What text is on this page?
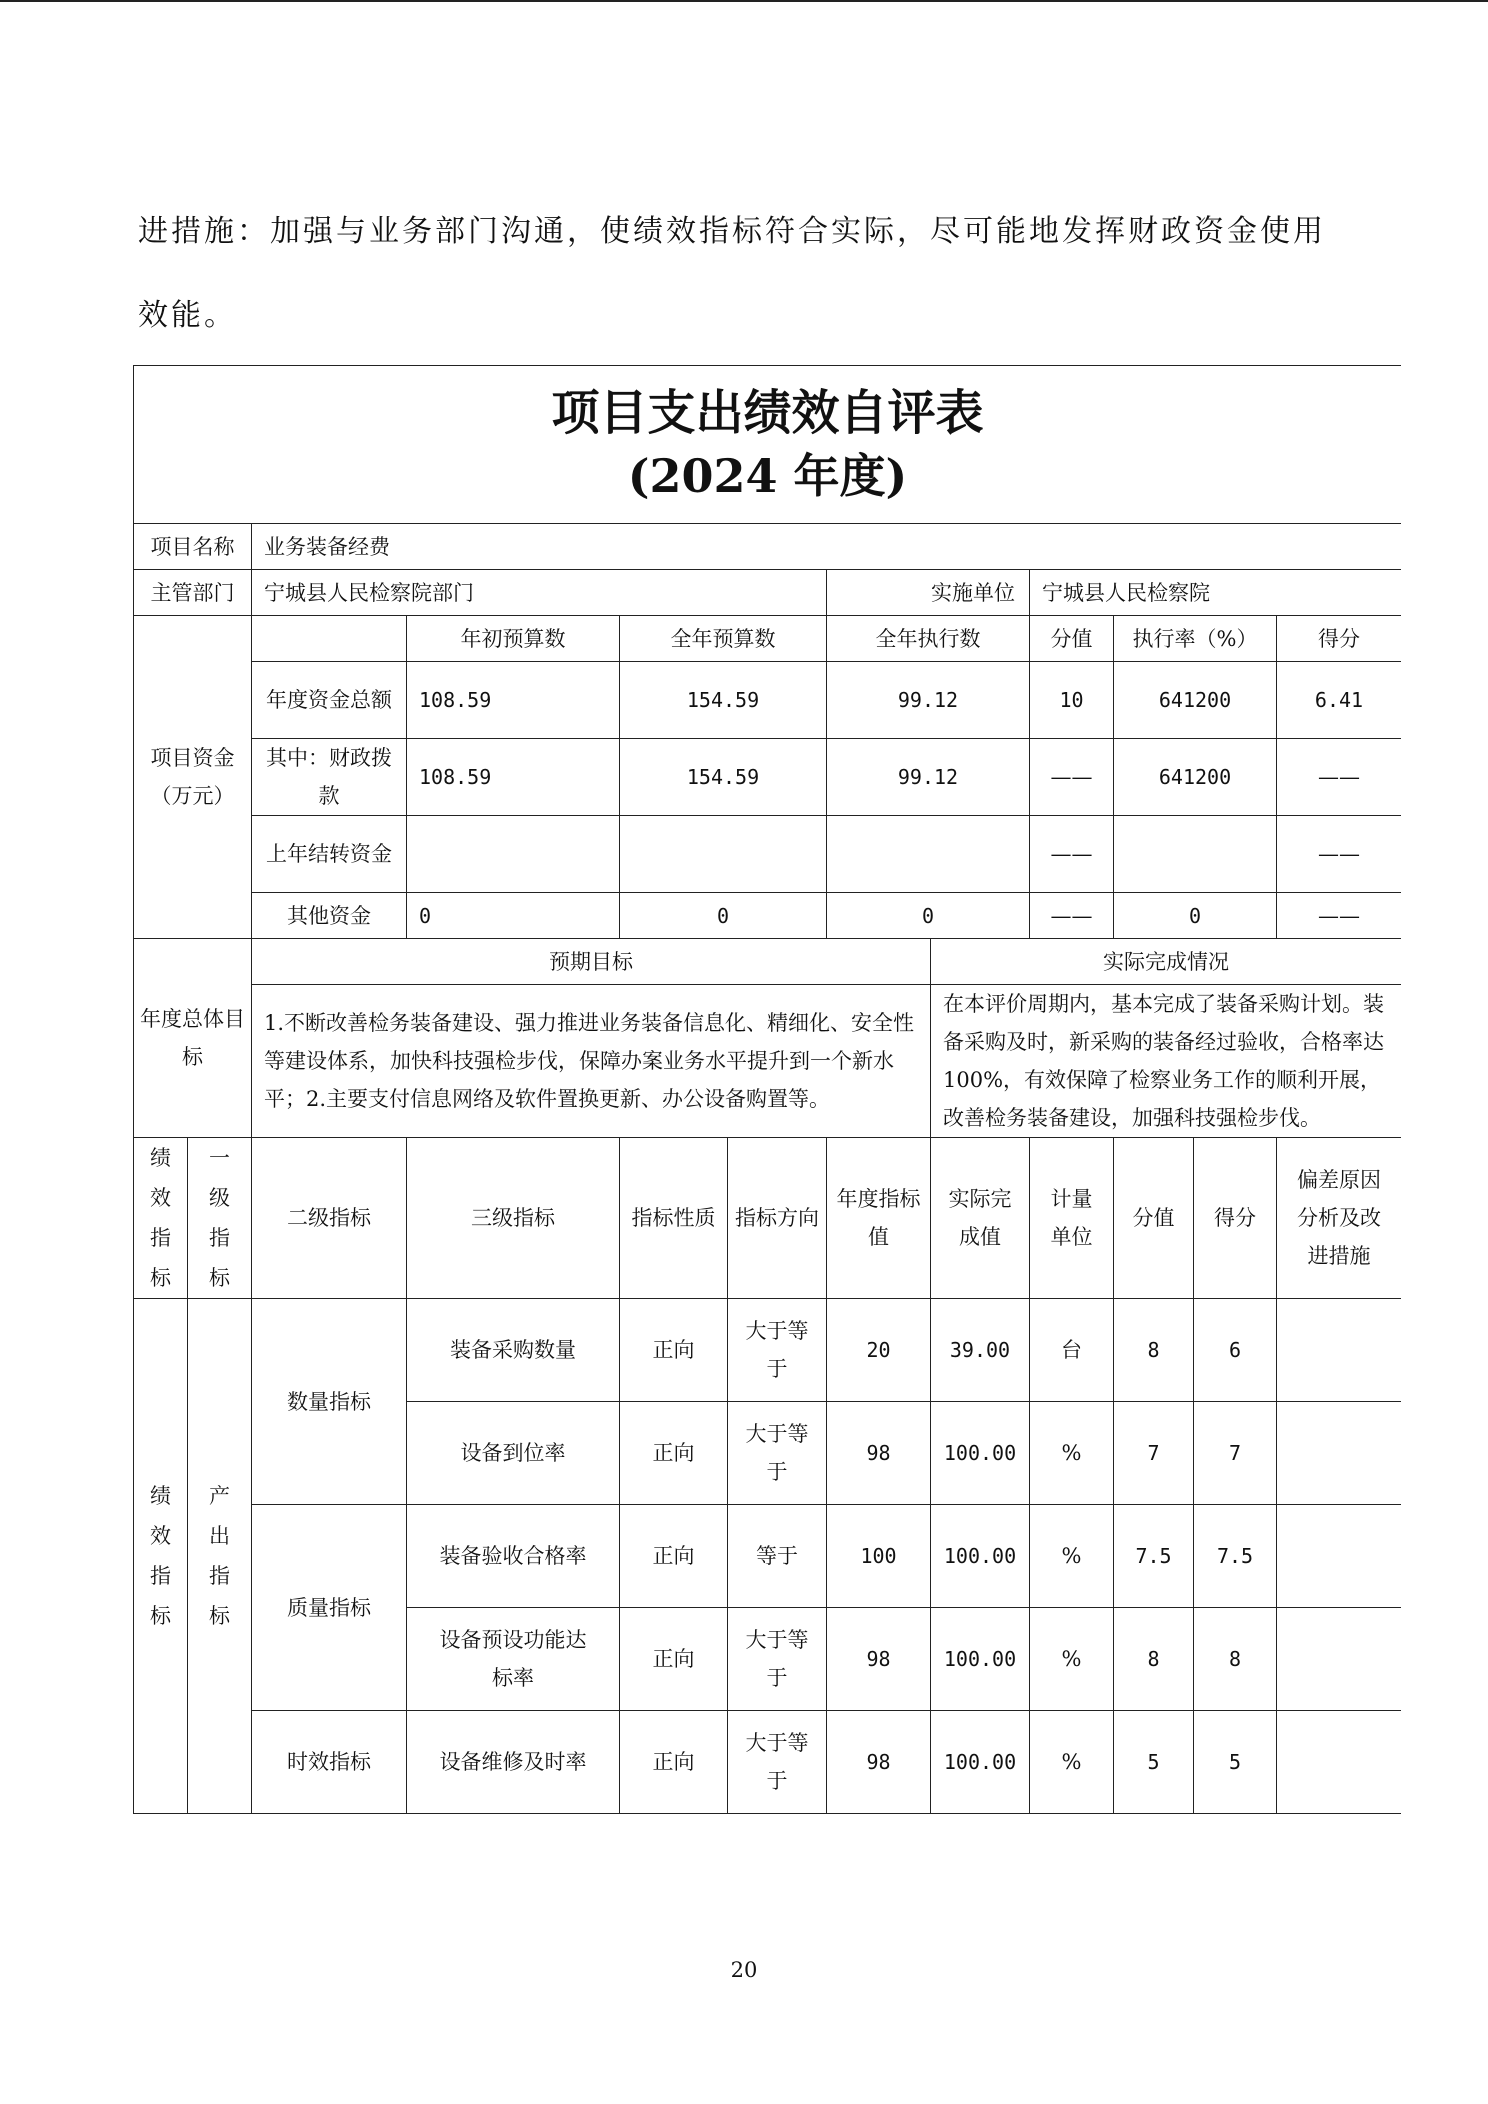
进措施：加强与业务部门沟通，使绩效指标符合实际，尽可能地发挥财政资金使用

效能。

项目支出绩效自评表
(2024 年度)											

项目名称		业务装备经费									
主管部门		宁城县人民检察院部门				实施单位		宁城县人民检察院			
项目资金（万元）			年初预算数	全年预算数		全年执行数		分值	执行率（%）		得分
		年度资金总额	108.59	154.59		99.12		10	641200		6.41
		其中：财政拨款	108.59	154.59		99.12		——	641200		——
		上年结转资金						——			——
		其他资金	0	0		0		——	0		——
年度总体目标		预期目标					实际完成情况				
		1.不断改善检务装备建设、强力推进业务装备信息化、精细化、安全性等建设体系，加快科技强检步伐，保障办案业务水平提升到一个新水平；2.主要支付信息网络及软件置换更新、办公设备购置等。					在本评价周期内，基本完成了装备采购计划。装备采购及时，新采购的装备经过验收，合格率达 100%，有效保障了检察业务工作的顺利开展，改善检务装备建设，加强科技强检步伐。				
绩效指标	一级指标	二级指标	三级指标	指标性质	指标方向	年度指标值	实际完成值	计量单位	分值	得分	偏差原因分析及改进措施
绩效指标	产出指标	数量指标	装备采购数量	正向	大于等于	20	39.00	台	8	6	
			设备到位率	正向	大于等于	98	100.00	%	7	7	
		质量指标	装备验收合格率	正向	等于	100	100.00	%	7.5	7.5	
			设备预设功能达标率	正向	大于等于	98	100.00	%	8	8	
		时效指标	设备维修及时率	正向	大于等于	98	100.00	%	5	5	
20
